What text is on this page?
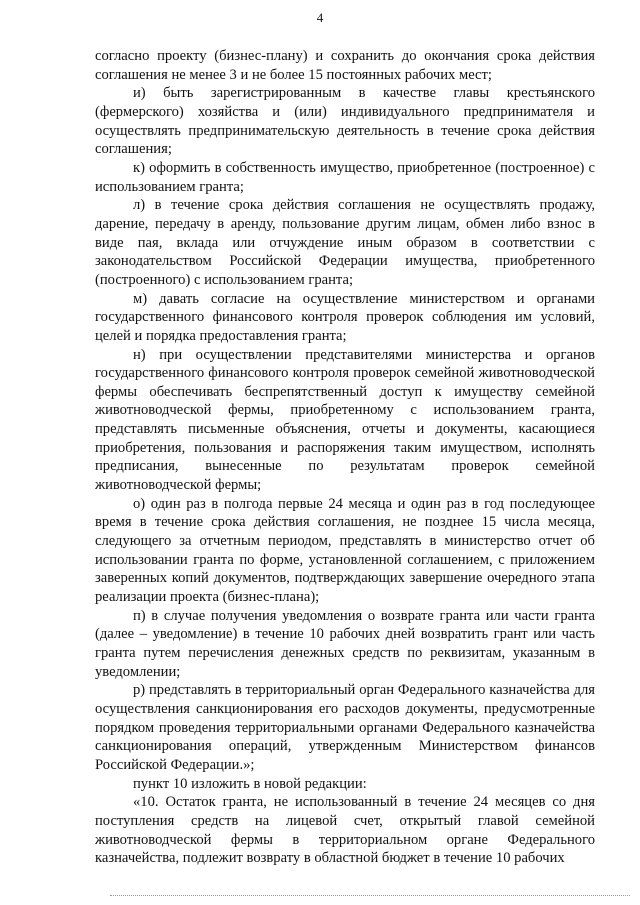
4

согласно проекту (бизнес-плану) и сохранить до окончания срока действия соглашения не менее 3 и не более 15 постоянных рабочих мест;

и) быть зарегистрированным в качестве главы крестьянского (фермерского) хозяйства и (или) индивидуального предпринимателя и осуществлять предпринимательскую деятельность в течение срока действия соглашения;

к) оформить в собственность имущество, приобретенное (построенное) с использованием гранта;

л) в течение срока действия соглашения не осуществлять продажу, дарение, передачу в аренду, пользование другим лицам, обмен либо взнос в виде пая, вклада или отчуждение иным образом в соответствии с законодательством Российской Федерации имущества, приобретенного (построенного) с использованием гранта;

м) давать согласие на осуществление министерством и органами государственного финансового контроля проверок соблюдения им условий, целей и порядка предоставления гранта;

н) при осуществлении представителями министерства и органов государственного финансового контроля проверок семейной животноводческой фермы обеспечивать беспрепятственный доступ к имуществу семейной животноводческой фермы, приобретенному с использованием гранта, представлять письменные объяснения, отчеты и документы, касающиеся приобретения, пользования и распоряжения таким имуществом, исполнять предписания, вынесенные по результатам проверок семейной животноводческой фермы;

о) один раз в полгода первые 24 месяца и один раз в год последующее время в течение срока действия соглашения, не позднее 15 числа месяца, следующего за отчетным периодом, представлять в министерство отчет об использовании гранта по форме, установленной соглашением, с приложением заверенных копий документов, подтверждающих завершение очередного этапа реализации проекта (бизнес-плана);

п) в случае получения уведомления о возврате гранта или части гранта (далее – уведомление) в течение 10 рабочих дней возвратить грант или часть гранта путем перечисления денежных средств по реквизитам, указанным в уведомлении;

р) представлять в территориальный орган Федерального казначейства для осуществления санкционирования его расходов документы, предусмотренные порядком проведения территориальными органами Федерального казначейства санкционирования операций, утвержденным Министерством финансов Российской Федерации.»;

пункт 10 изложить в новой редакции:

«10. Остаток гранта, не использованный в течение 24 месяцев со дня поступления средств на лицевой счет, открытый главой семейной животноводческой фермы в территориальном органе Федерального казначейства, подлежит возврату в областной бюджет в течение 10 рабочих
